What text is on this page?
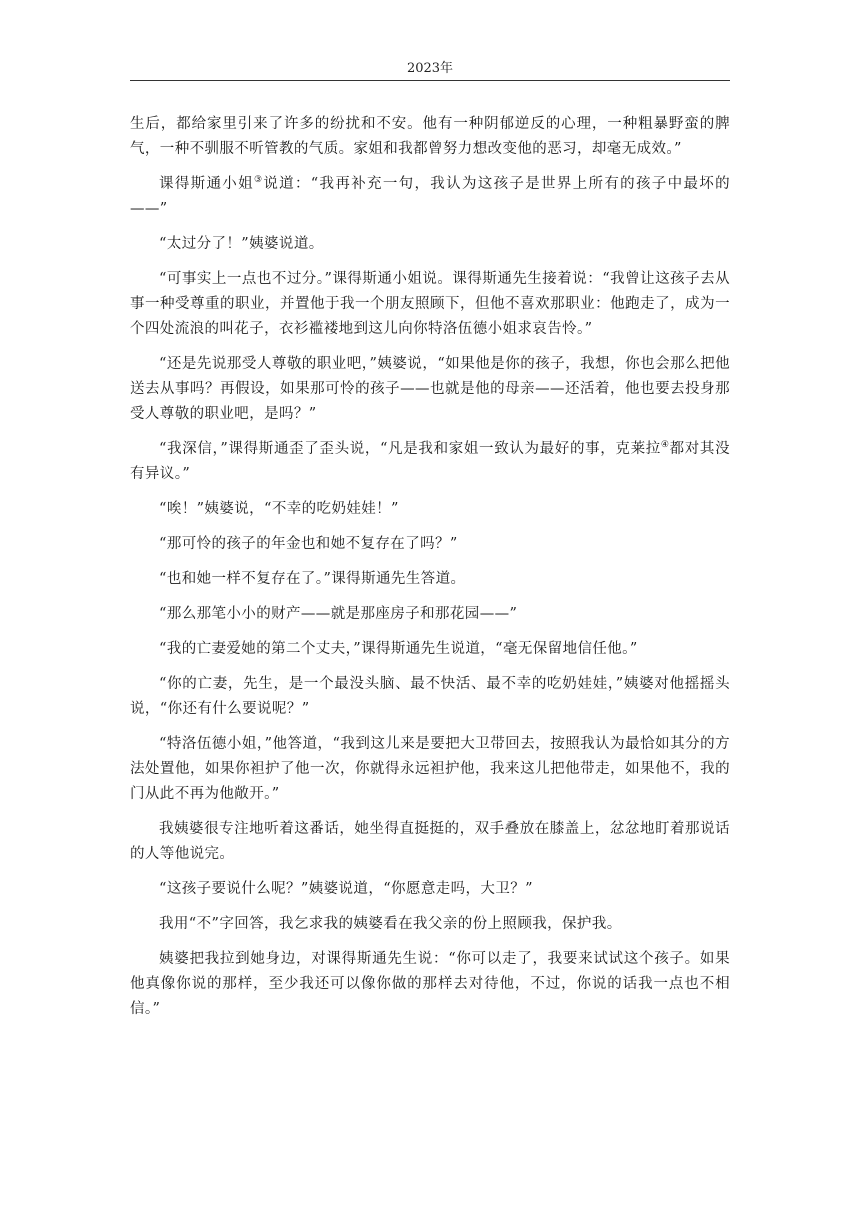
2023年

生后，都给家里引来了许多的纷扰和不安。他有一种阴郁逆反的心理，一种粗暴野蛮的脾气，一种不驯服不听管教的气质。家姐和我都曾努力想改变他的恶习，却毫无成效。”

课得斯通小姐③说道：“我再补充一句，我认为这孩子是世界上所有的孩子中最坏的——”

“太过分了！”姨婆说道。

“可事实上一点也不过分。”课得斯通小姐说。课得斯通先生接着说：“我曾让这孩子去从事一种受尊重的职业，并置他于我一个朋友照顾下，但他不喜欢那职业：他跑走了，成为一个四处流浪的叫花子，衣衫褴褛地到这儿向你特洛伍德小姐求哀告怜。”

“还是先说那受人尊敬的职业吧，”姨婆说，“如果他是你的孩子，我想，你也会那么把他送去从事吗？再假设，如果那可怜的孩子——也就是他的母亲——还活着，他也要去投身那受人尊敬的职业吧，是吗？”

“我深信，”课得斯通歪了歪头说，“凡是我和家姐一致认为最好的事，克莱拉④都对其没有异议。”

“唉！”姨婆说，“不幸的吃奶娃娃！”

“那可怜的孩子的年金也和她不复存在了吗？”

“也和她一样不复存在了。”课得斯通先生答道。

“那么那笔小小的财产——就是那座房子和那花园——”

“我的亡妻爱她的第二个丈夫，”课得斯通先生说道，“毫无保留地信任他。”

“你的亡妻，先生，是一个最没头脑、最不快活、最不幸的吃奶娃娃，”姨婆对他摇摇头说，“你还有什么要说呢？”

“特洛伍德小姐，”他答道，“我到这儿来是要把大卫带回去，按照我认为最恰如其分的方法处置他，如果你袒护了他一次，你就得永远袒护他，我来这儿把他带走，如果他不，我的门从此不再为他敞开。”

我姨婆很专注地听着这番话，她坐得直挺挺的，双手叠放在膝盖上，忿忿地盯着那说话的人等他说完。

“这孩子要说什么呢？”姨婆说道，“你愿意走吗，大卫？”

我用“不”字回答，我乞求我的姨婆看在我父亲的份上照顾我，保护我。

姨婆把我拉到她身边，对课得斯通先生说：“你可以走了，我要来试试这个孩子。如果他真像你说的那样，至少我还可以像你做的那样去对待他，不过，你说的话我一点也不相信。”
